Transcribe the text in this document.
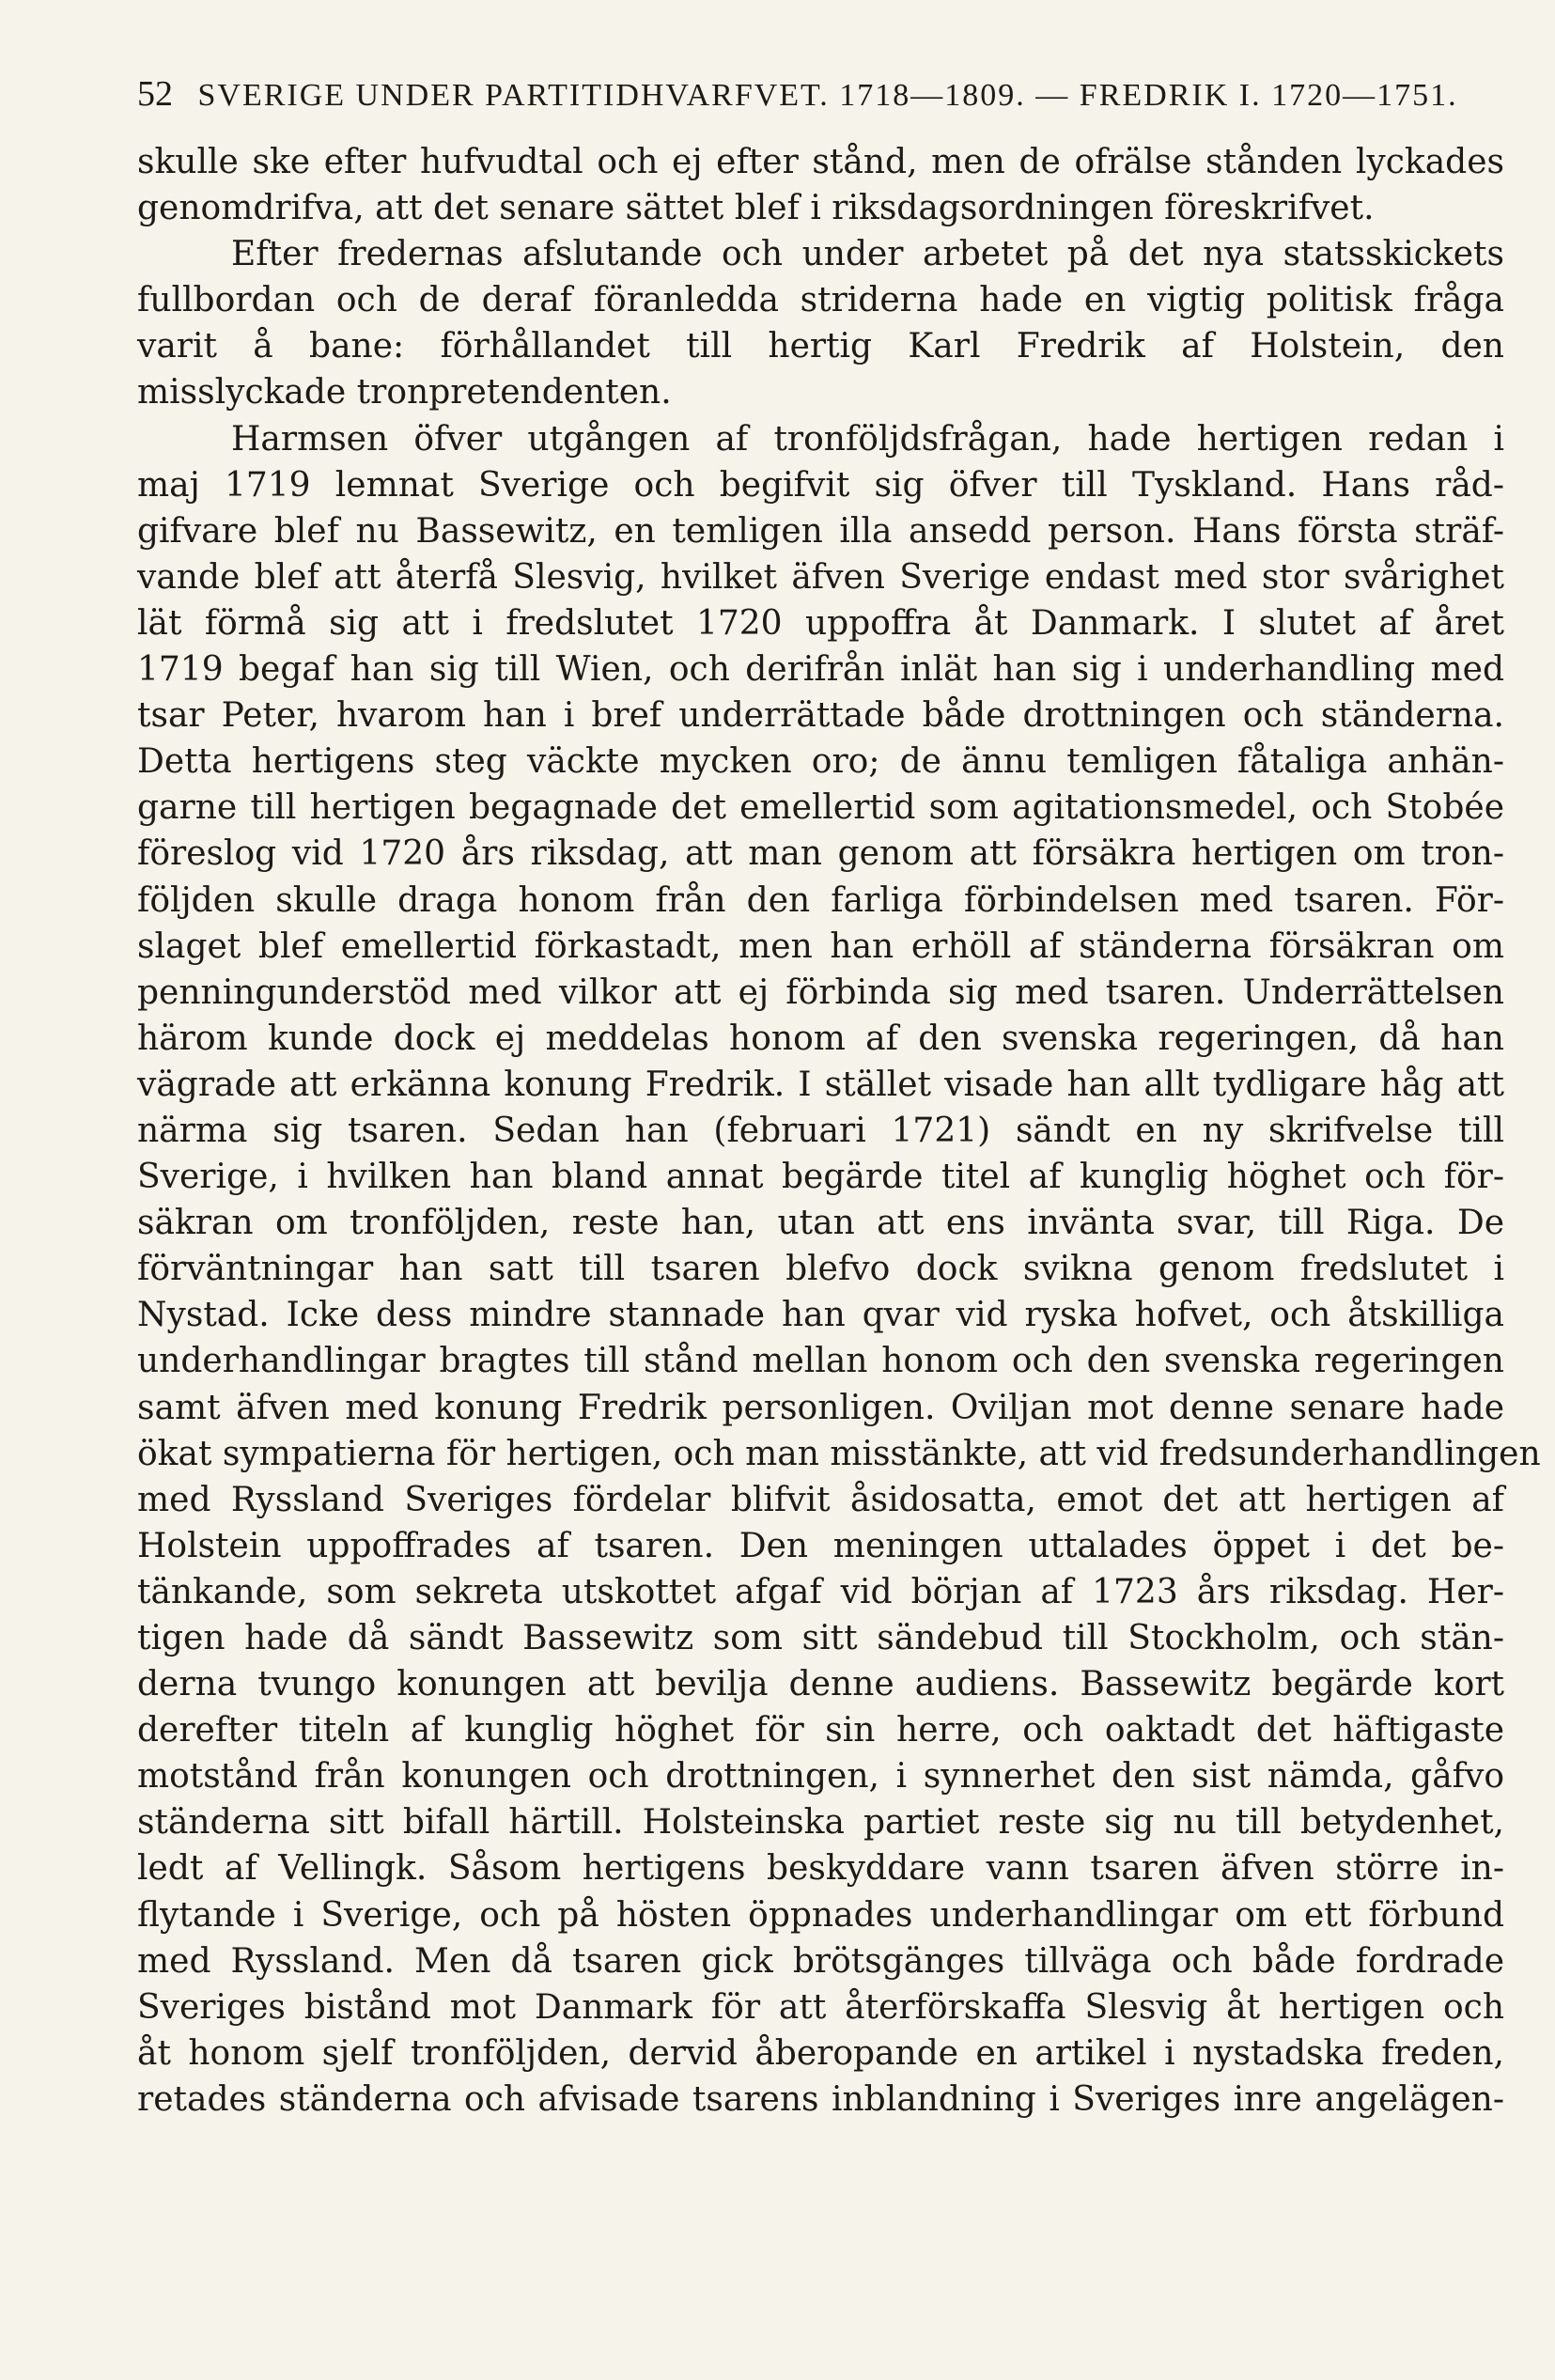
52 SVERIGE UNDER PARTITIDHVARFVET. 1718—1809. — FREDRIK I. 1720—1751.
skulle ske efter hufvudtal och ej efter stånd, men de ofrälse stånden lyckades
genomdrifva, att det senare sättet blef i riksdagsordningen föreskrifvet.
Efter fredernas afslutande och under arbetet på det nya statsskickets
fullbordan och de deraf föranledda striderna hade en vigtig politisk fråga
varit å bane: förhållandet till hertig Karl Fredrik af Holstein, den
misslyckade tronpretendenten.
Harmsen öfver utgången af tronföljdsfrågan, hade hertigen redan i
maj 1719 lemnat Sverige och begifvit sig öfver till Tyskland. Hans råd-
gifvare blef nu Bassewitz, en temligen illa ansedd person. Hans första sträf-
vande blef att återfå Slesvig, hvilket äfven Sverige endast med stor svårighet
lät förmå sig att i fredslutet 1720 uppoffra åt Danmark. I slutet af året
1719 begaf han sig till Wien, och derifrån inlät han sig i underhandling med
tsar Peter, hvarom han i bref underrättade både drottningen och ständerna.
Detta hertigens steg väckte mycken oro; de ännu temligen fåtaliga anhän-
garne till hertigen begagnade det emellertid som agitationsmedel, och Stobée
föreslog vid 1720 års riksdag, att man genom att försäkra hertigen om tron-
följden skulle draga honom från den farliga förbindelsen med tsaren. För-
slaget blef emellertid förkastadt, men han erhöll af ständerna försäkran om
penningunderstöd med vilkor att ej förbinda sig med tsaren. Underrättelsen
härom kunde dock ej meddelas honom af den svenska regeringen, då han
vägrade att erkänna konung Fredrik. I stället visade han allt tydligare håg att
närma sig tsaren. Sedan han (februari 1721) sändt en ny skrifvelse till
Sverige, i hvilken han bland annat begärde titel af kunglig höghet och för-
säkran om tronföljden, reste han, utan att ens invänta svar, till Riga. De
förväntningar han satt till tsaren blefvo dock svikna genom fredslutet i
Nystad. Icke dess mindre stannade han qvar vid ryska hofvet, och åtskilliga
underhandlingar bragtes till stånd mellan honom och den svenska regeringen
samt äfven med konung Fredrik personligen. Oviljan mot denne senare hade
ökat sympatierna för hertigen, och man misstänkte, att vid fredsunderhandlingen
med Ryssland Sveriges fördelar blifvit åsidosatta, emot det att hertigen af
Holstein uppoffrades af tsaren. Den meningen uttalades öppet i det be-
tänkande, som sekreta utskottet afgaf vid början af 1723 års riksdag. Her-
tigen hade då sändt Bassewitz som sitt sändebud till Stockholm, och stän-
derna tvungo konungen att bevilja denne audiens. Bassewitz begärde kort
derefter titeln af kunglig höghet för sin herre, och oaktadt det häftigaste
motstånd från konungen och drottningen, i synnerhet den sist nämda, gåfvo
ständerna sitt bifall härtill. Holsteinska partiet reste sig nu till betydenhet,
ledt af Vellingk. Såsom hertigens beskyddare vann tsaren äfven större in-
flytande i Sverige, och på hösten öppnades underhandlingar om ett förbund
med Ryssland. Men då tsaren gick brötsgänges tillväga och både fordrade
Sveriges bistånd mot Danmark för att återförskaffa Slesvig åt hertigen och
åt honom sjelf tronföljden, dervid åberopande en artikel i nystadska freden,
retades ständerna och afvisade tsarens inblandning i Sveriges inre angelägen-
